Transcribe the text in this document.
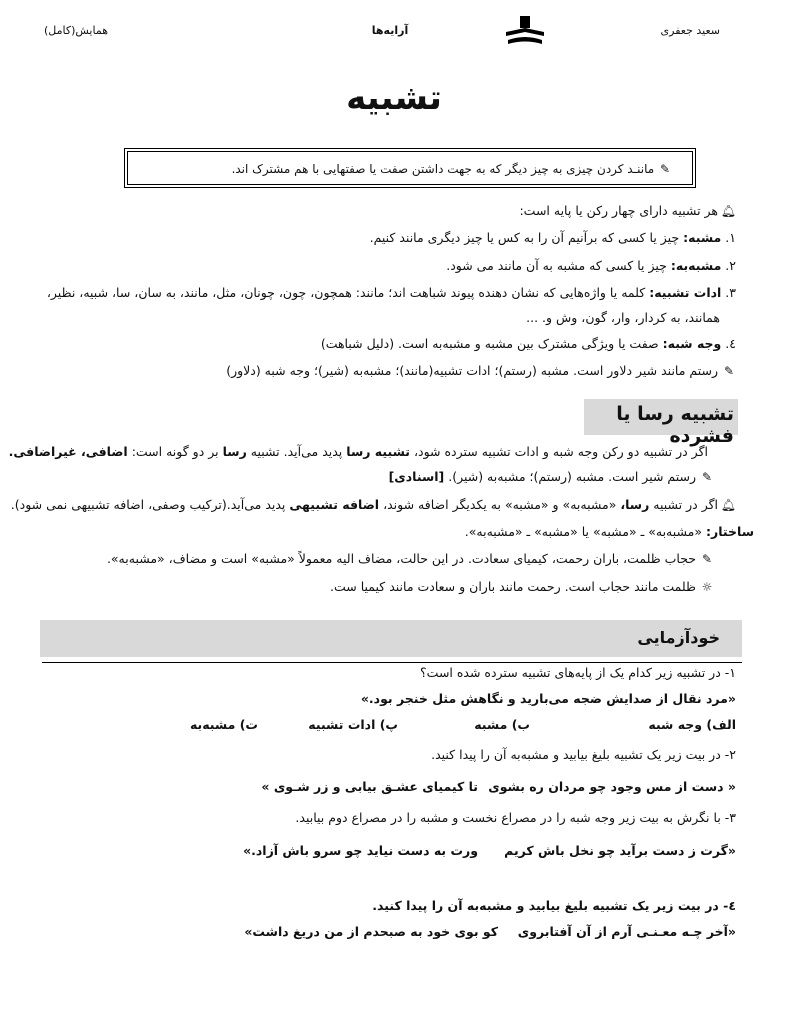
سعید جعفری
آرایه‌ها
همایش(کامل)
تشبیه
✎ ماننـد کردن چیزی به چیز دیگر که به جهت داشتن صفت یا صفتهایی با هم مشترک اند.
🔔︎ هر تشبیه دارای چهار رکن یا پایه است:
۱. مشبه: چیز یا کسی که برآنیم آن را به کس یا چیز دیگری مانند کنیم.
۲. مشبه‌به: چیز یا کسی که مشبه به آن مانند می شود.
۳. ادات تشبیه: کلمه یا واژه‌هایی که نشان دهنده پیوند شباهت اند؛ مانند: همچون، چون، چونان، مثل، مانند، به سان، سا، شبیه، نظیر،
همانند، به کردار، وار، گون، وش و. ...
٤. وجه شبه: صفت یا ویژگی مشترک بین مشبه و مشبه‌به است. (دلیل شباهت)
✎ رستم مانند شیر دلاور است. مشبه (رستم)؛ ادات تشبیه(مانند)؛ مشبه‌به (شیر)؛ وجه شبه (دلاور)
تشبیه رسا یا فشرده
اگر در تشبیه دو رکن وجه شبه و ادات تشبیه سترده شود، تشبیه رسا پدید می‌آید. تشبیه رسا بر دو گونه است: اضافی، غیراضافی.
✎ رستم شیر است. مشبه (رستم)؛ مشبه‌به (شیر). [اسنادی]
🔔︎ اگر در تشبیه رسا، «مشبه‌به» و «مشبه» به یکدیگر اضافه شوند، اضافه تشبیهی پدید می‌آید.(ترکیب وصفی، اضافه تشبیهی نمی شود).
ساختار: «مشبه‌به» ـ «مشبه» یا «مشبه» ـ «مشبه‌به».
✎ حجاب ظلمت، باران رحمت، کیمیای سعادت. در این حالت، مضاف الیه معمولاً «مشبه» است و مضاف، «مشبه‌به».
☼ ظلمت مانند حجاب است. رحمت مانند باران و سعادت مانند کیمیا ست.
خودآزمایی
۱- در تشبیه زیر کدام یک از پایه‌های تشبیه سترده شده است؟
«مرد نقال از صدایش ضجه می‌بارید و نگاهش مثل خنجر بود.»
الف) وجه شبه
ب) مشبه
پ) ادات تشبیه
ت) مشبه‌به
۲- در بیت زیر یک تشبیه بلیغ بیابید و مشبه‌به آن را پیدا کنید.
« دست از مس وجود چو مردان ره بشوی
تا کیمیای عشـق بیابی و زر شـوی »
۳- با نگرش به بیت زیر وجه شبه را در مصراع نخست و مشبه را در مصراع دوم بیابید.
«گرت ز دست برآید چو نخل باش کریم
ورت به دست نیاید چو سرو باش آزاد.»
٤- در بیت زیر یک تشبیه بلیغ بیابید و مشبه‌به آن را پیدا کنید.
«آخر چـه معـنـی آرم از آن آفتابروی
کو بوی خود به صبحدم از من دریغ داشت»
